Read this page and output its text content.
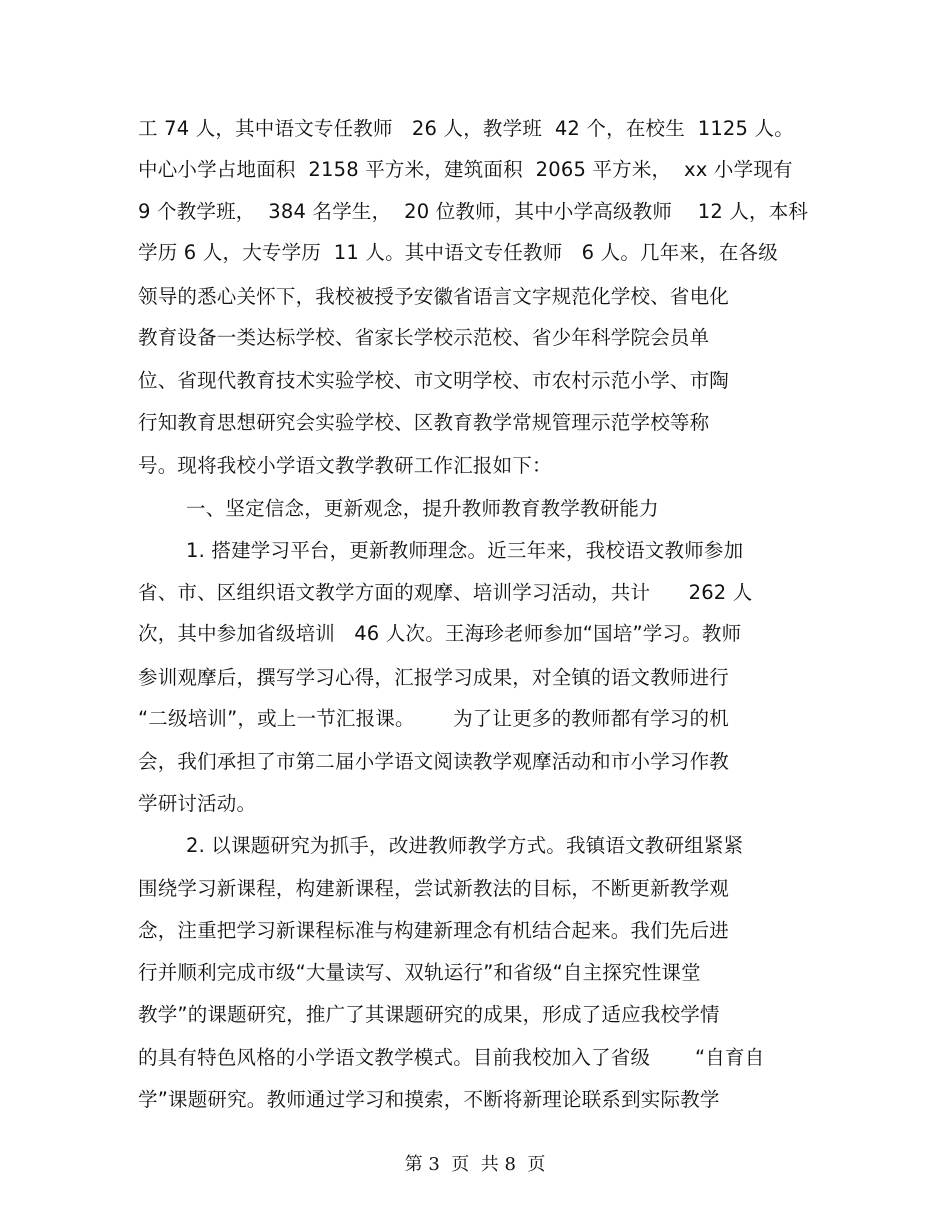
工 74 人，其中语文专任教师   26 人，教学班  42 个，在校生  1125 人。
中心小学占地面积  2158 平方米，建筑面积  2065 平方米，  xx 小学现有
9 个教学班，  384 名学生，  20 位教师，其中小学高级教师    12 人，本科
学历 6 人，大专学历  11 人。其中语文专任教师   6 人。几年来，在各级
领导的悉心关怀下，我校被授予安徽省语言文字规范化学校、省电化
教育设备一类达标学校、省家长学校示范校、省少年科学院会员单
位、省现代教育技术实验学校、市文明学校、市农村示范小学、市陶
行知教育思想研究会实验学校、区教育教学常规管理示范学校等称
号。现将我校小学语文教学教研工作汇报如下：
一、坚定信念，更新观念，提升教师教育教学教研能力
1. 搭建学习平台，更新教师理念。近三年来，我校语文教师参加
省、市、区组织语文教学方面的观摩、培训学习活动，共计      262 人
次，其中参加省级培训   46 人次。王海珍老师参加“国培”学习。教师
参训观摩后，撰写学习心得，汇报学习成果，对全镇的语文教师进行
“二级培训”，或上一节汇报课。      为了让更多的教师都有学习的机
会，我们承担了市第二届小学语文阅读教学观摩活动和市小学习作教
学研讨活动。
2. 以课题研究为抓手，改进教师教学方式。我镇语文教研组紧紧
围绕学习新课程，构建新课程，尝试新教法的目标，不断更新教学观
念，注重把学习新课程标准与构建新理念有机结合起来。我们先后进
行并顺利完成市级“大量读写、双轨运行”和省级“自主探究性课堂
教学”的课题研究，推广了其课题研究的成果，形成了适应我校学情
的具有特色风格的小学语文教学模式。目前我校加入了省级       “自育自
学”课题研究。教师通过学习和摸索，不断将新理论联系到实际教学
第 3  页  共 8  页
